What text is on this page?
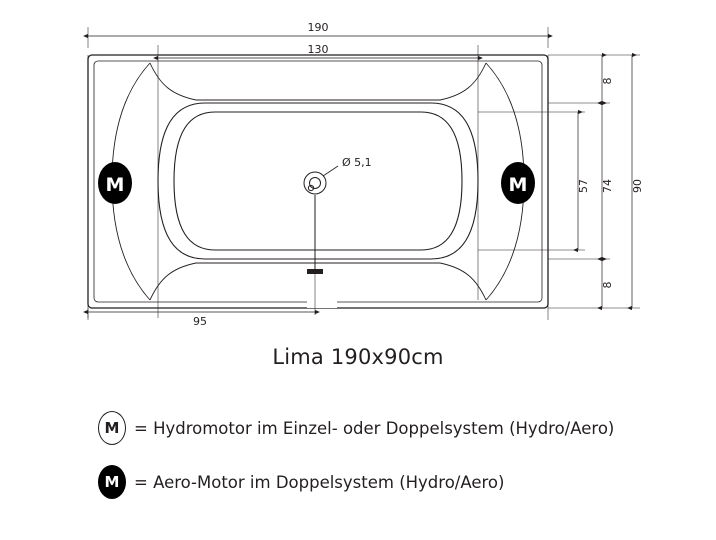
M	M
190
130
95
90
74
57
8
8
Ø 5,1
Lima 190x90cm
M = Hydromotor im Einzel- oder Doppelsystem (Hydro/Aero)
M = Aero-Motor im Doppelsystem (Hydro/Aero)
